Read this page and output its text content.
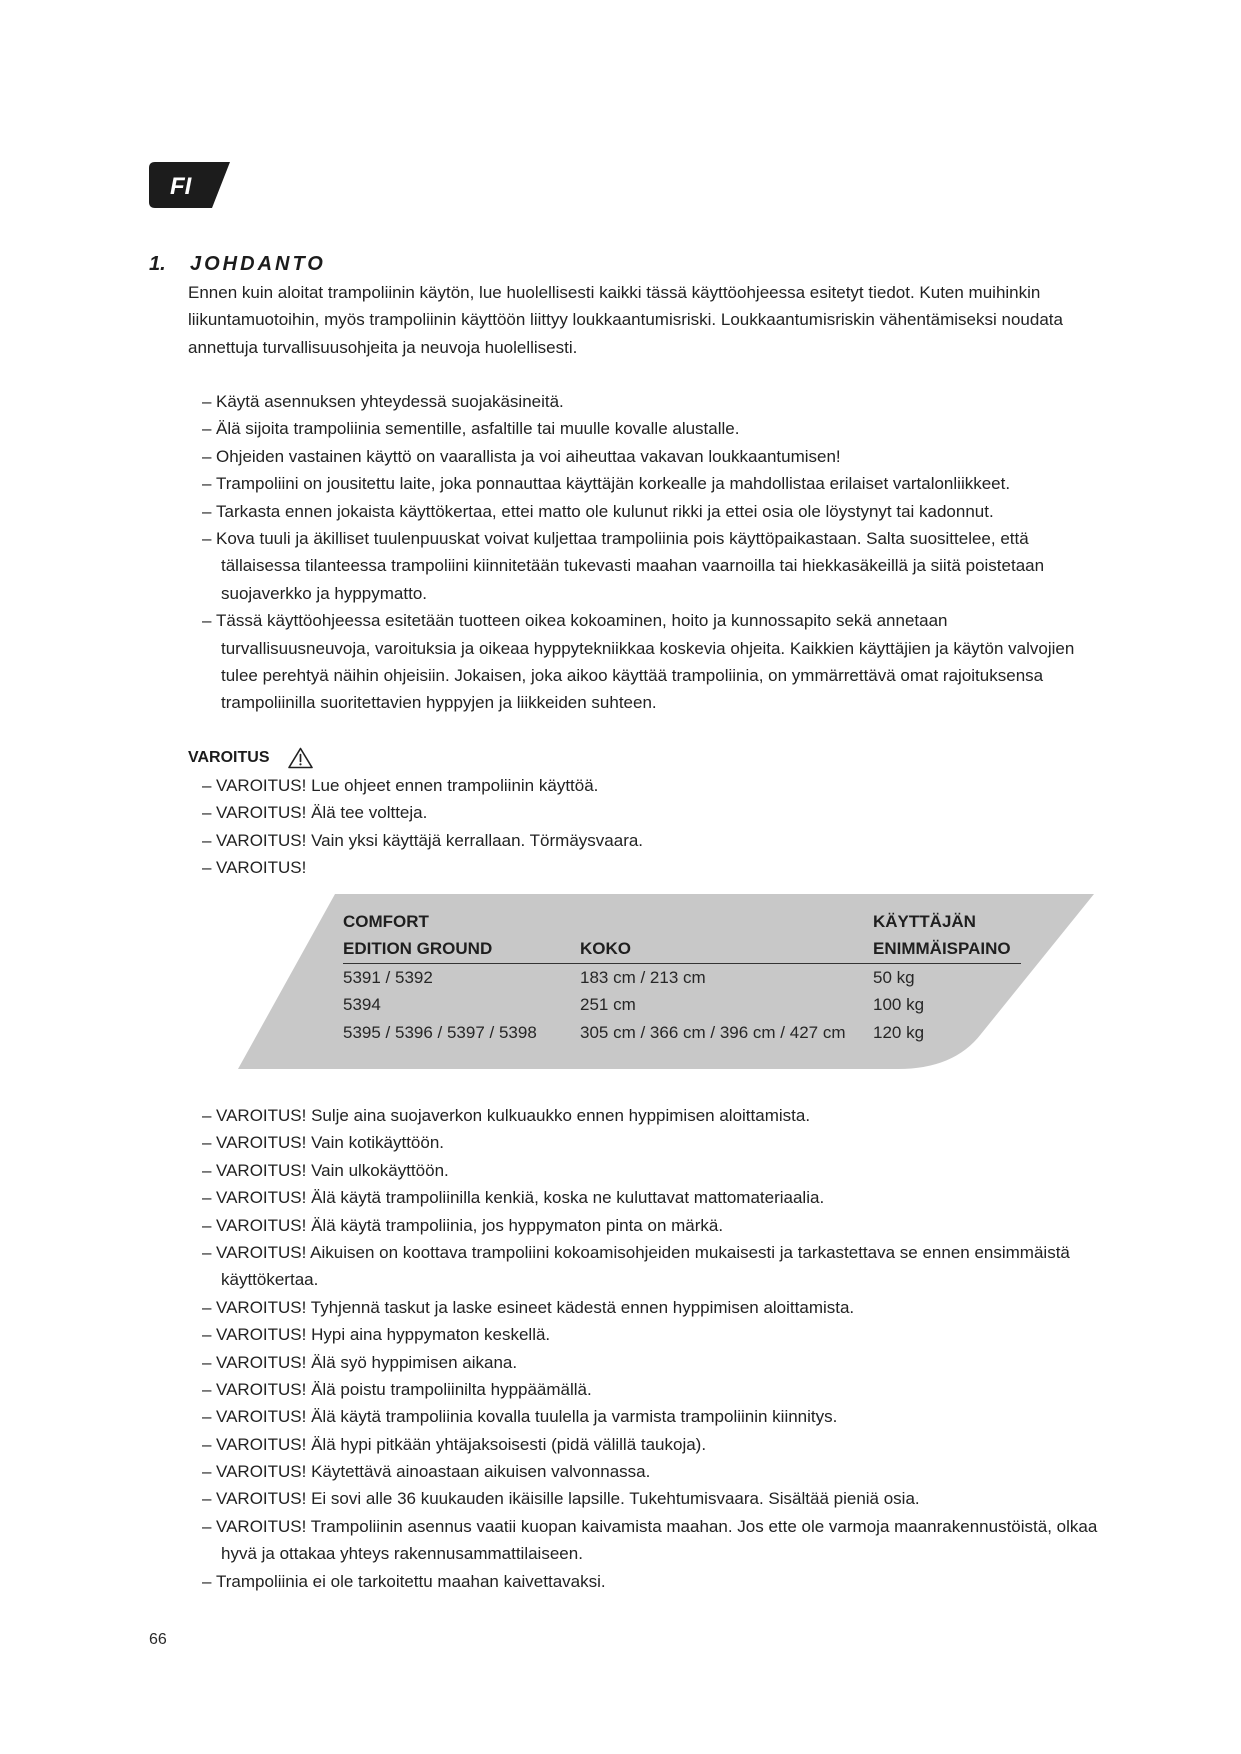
FI
1. JOHDANTO
Ennen kuin aloitat trampoliinin käytön, lue huolellisesti kaikki tässä käyttöohjeessa esitetyt tiedot. Kuten muihinkin
liikuntamuotoihin, myös trampoliinin käyttöön liittyy loukkaantumisriski. Loukkaantumisriskin vähentämiseksi noudata
annettuja turvallisuusohjeita ja neuvoja huolellisesti.
– Käytä asennuksen yhteydessä suojakäsineitä.
– Älä sijoita trampoliinia sementille, asfaltille tai muulle kovalle alustalle.
– Ohjeiden vastainen käyttö on vaarallista ja voi aiheuttaa vakavan loukkaantumisen!
– Trampoliini on jousitettu laite, joka ponnauttaa käyttäjän korkealle ja mahdollistaa erilaiset vartalonliikkeet.
– Tarkasta ennen jokaista käyttökertaa, ettei matto ole kulunut rikki ja ettei osia ole löystynyt tai kadonnut.
– Kova tuuli ja äkilliset tuulenpuuskat voivat kuljettaa trampoliinia pois käyttöpaikastaan. Salta suosittelee, että
tällaisessa tilanteessa trampoliini kiinnitetään tukevasti maahan vaarnoilla tai hiekkasäkeillä ja siitä poistetaan
suojaverkko ja hyppymatto.
– Tässä käyttöohjeessa esitetään tuotteen oikea kokoaminen, hoito ja kunnossapito sekä annetaan
turvallisuusneuvoja, varoituksia ja oikeaa hyppytekniikkaa koskevia ohjeita. Kaikkien käyttäjien ja käytön valvojien
tulee perehtyä näihin ohjeisiin. Jokaisen, joka aikoo käyttää trampoliinia, on ymmärrettävä omat rajoituksensa
trampoliinilla suoritettavien hyppyjen ja liikkeiden suhteen.
VAROITUS
– VAROITUS! Lue ohjeet ennen trampoliinin käyttöä.
– VAROITUS! Älä tee voltteja.
– VAROITUS! Vain yksi käyttäjä kerrallaan. Törmäysvaara.
– VAROITUS!
COMFORT		KÄYTTÄJÄN
EDITION GROUND	KOKO	ENIMMÄISPAINO
5391 / 5392	183 cm / 213 cm	50 kg
5394	251 cm	100 kg
5395 / 5396 / 5397 / 5398	305 cm / 366 cm / 396 cm / 427 cm	120 kg
– VAROITUS! Sulje aina suojaverkon kulkuaukko ennen hyppimisen aloittamista.
– VAROITUS! Vain kotikäyttöön.
– VAROITUS! Vain ulkokäyttöön.
– VAROITUS! Älä käytä trampoliinilla kenkiä, koska ne kuluttavat mattomateriaalia.
– VAROITUS! Älä käytä trampoliinia, jos hyppymaton pinta on märkä.
– VAROITUS! Aikuisen on koottava trampoliini kokoamisohjeiden mukaisesti ja tarkastettava se ennen ensimmäistä
käyttökertaa.
– VAROITUS! Tyhjennä taskut ja laske esineet kädestä ennen hyppimisen aloittamista.
– VAROITUS! Hypi aina hyppymaton keskellä.
– VAROITUS! Älä syö hyppimisen aikana.
– VAROITUS! Älä poistu trampoliinilta hyppäämällä.
– VAROITUS! Älä käytä trampoliinia kovalla tuulella ja varmista trampoliinin kiinnitys.
– VAROITUS! Älä hypi pitkään yhtäjaksoisesti (pidä välillä taukoja).
– VAROITUS! Käytettävä ainoastaan aikuisen valvonnassa.
– VAROITUS! Ei sovi alle 36 kuukauden ikäisille lapsille. Tukehtumisvaara. Sisältää pieniä osia.
– VAROITUS! Trampoliinin asennus vaatii kuopan kaivamista maahan. Jos ette ole varmoja maanrakennustöistä, olkaa
hyvä ja ottakaa yhteys rakennusammattilaiseen.
– Trampoliinia ei ole tarkoitettu maahan kaivettavaksi.
66
